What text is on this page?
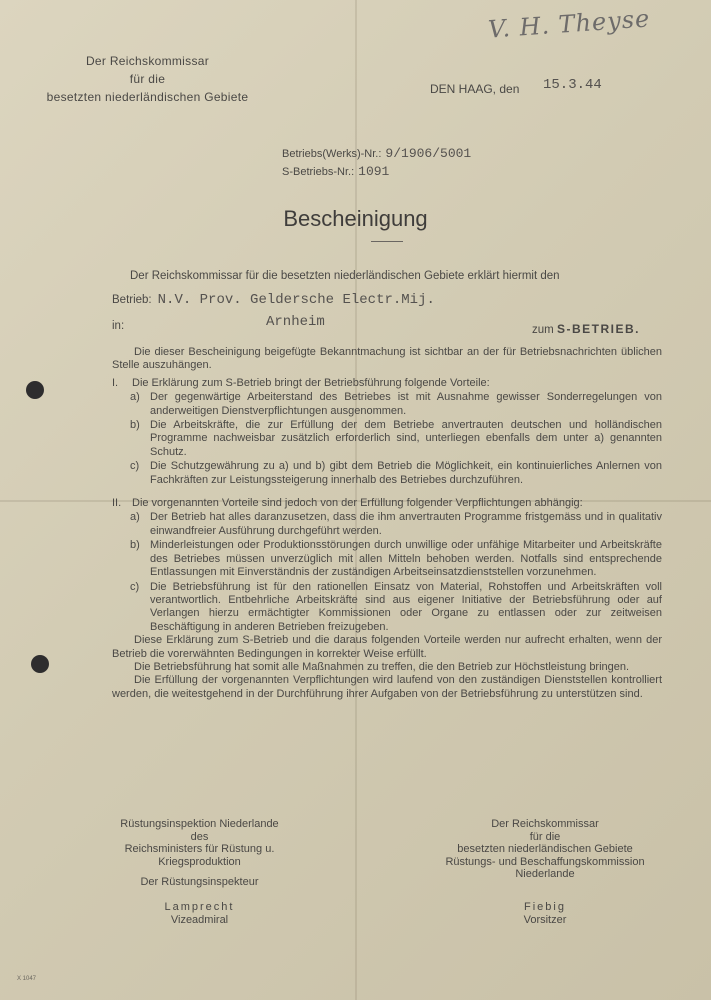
V. H. Theyse
Der Reichskommissar
für die
besetzten niederländischen Gebiete
DEN HAAG, den 15.3.44
Betriebs(Werks)-Nr.: 9/1906/5001
S-Betriebs-Nr.: 1091
Bescheinigung
Der Reichskommissar für die besetzten niederländischen Gebiete erklärt hiermit den
Betrieb: N.V. Prov. Geldersche Electr.Mij.
in:	Arnheim	zum S-BETRIEB.

Die dieser Bescheinigung beigefügte Bekanntmachung ist sichtbar an der für Betriebsnachrichten üblichen Stelle auszuhängen.

I.	Die Erklärung zum S-Betrieb bringt der Betriebsführung folgende Vorteile:
a) Der gegenwärtige Arbeiterstand des Betriebes ist mit Ausnahme gewisser Sonderregelungen von anderweitigen Dienstverpflichtungen ausgenommen.
b) Die Arbeitskräfte, die zur Erfüllung der dem Betriebe anvertrauten deutschen und holländischen Programme nachweisbar zusätzlich erforderlich sind, unterliegen ebenfalls dem unter a) genannten Schutz.
c) Die Schutzgewährung zu a) und b) gibt dem Betrieb die Möglichkeit, ein kontinuierliches Anlernen von Fachkräften zur Leistungssteigerung innerhalb des Betriebes durchzuführen.
II. Die vorgenannten Vorteile sind jedoch von der Erfüllung folgender Verpflichtungen abhängig:
a) Der Betrieb hat alles daranzusetzen, dass die ihm anvertrauten Programme fristgemäss und in qualitativ einwandfreier Ausführung durchgeführt werden.
b) Minderleistungen oder Produktionsstörungen durch unwillige oder unfähige Mitarbeiter und Arbeitskräfte des Betriebes müssen unverzüglich mit allen Mitteln behoben werden. Notfalls sind entsprechende Entlassungen mit Einverständnis der zuständigen Arbeitseinsatzdienststellen vorzunehmen.
c) Die Betriebsführung ist für den rationellen Einsatz von Material, Rohstoffen und Arbeitskräften voll verantwortlich. Entbehrliche Arbeitskräfte sind aus eigener Initiative der Betriebsführung oder auf Verlangen hierzu ermächtigter Kommissionen oder Organe zu entlassen oder zur zeitweisen Beschäftigung in anderen Betrieben freizugeben.

Diese Erklärung zum S-Betrieb und die daraus folgenden Vorteile werden nur aufrecht erhalten, wenn der Betrieb die vorerwähnten Bedingungen in korrekter Weise erfüllt.

Die Betriebsführung hat somit alle Maßnahmen zu treffen, die den Betrieb zur Höchstleistung bringen.

Die Erfüllung der vorgenannten Verpflichtungen wird laufend von den zuständigen Dienststellen kontrolliert werden, die weitestgehend in der Durchführung ihrer Aufgaben von der Betriebsführung zu unterstützen sind.

Rüstungsinspektion Niederlande
des
Reichsministers für Rüstung u.
Kriegsproduktion
Der Rüstungsinspekteur
Lamprecht
Vizeadmiral
Der Reichskommissar
für die
besetzten niederländischen Gebiete
Rüstungs- und Beschaffungskommission
Niederlande
Fiebig
Vorsitzer
X 1047
